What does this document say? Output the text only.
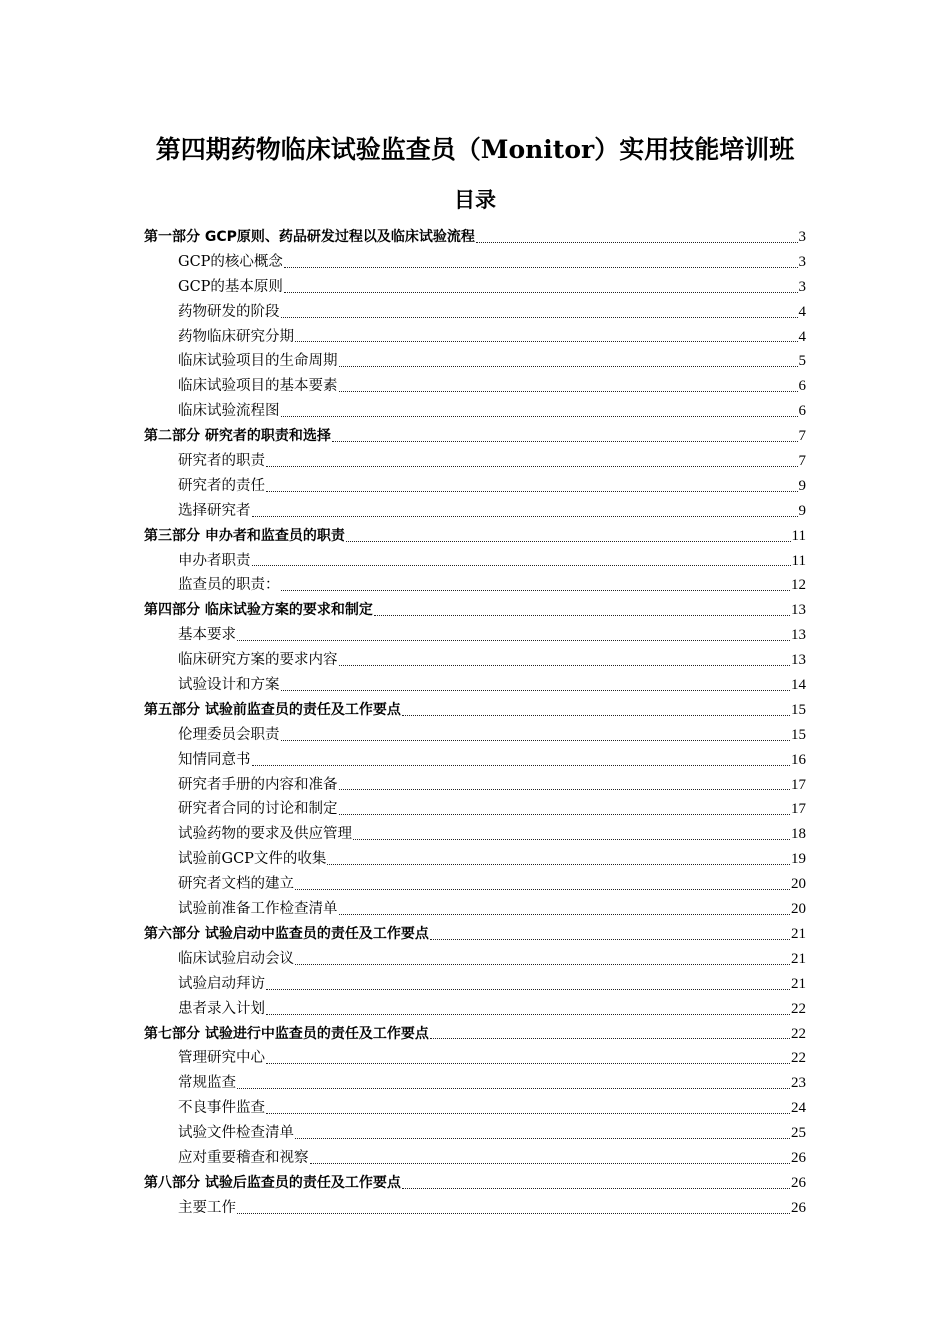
第四期药物临床试验监查员（Monitor）实用技能培训班
目录
第一部分 GCP原则、药品研发过程以及临床试验流程	3
GCP的核心概念	3
GCP的基本原则	3
药物研发的阶段	4
药物临床研究分期	4
临床试验项目的生命周期	5
临床试验项目的基本要素	6
临床试验流程图	6
第二部分 研究者的职责和选择	7
研究者的职责	7
研究者的责任	9
选择研究者	9
第三部分 申办者和监查员的职责	11
申办者职责	11
监查员的职责：	12
第四部分 临床试验方案的要求和制定	13
基本要求	13
临床研究方案的要求内容	13
试验设计和方案	14
第五部分 试验前监查员的责任及工作要点	15
伦理委员会职责	15
知情同意书	16
研究者手册的内容和准备	17
研究者合同的讨论和制定	17
试验药物的要求及供应管理	18
试验前GCP文件的收集	19
研究者文档的建立	20
试验前准备工作检查清单	20
第六部分 试验启动中监查员的责任及工作要点	21
临床试验启动会议	21
试验启动拜访	21
患者录入计划	22
第七部分 试验进行中监查员的责任及工作要点	22
管理研究中心	22
常规监查	23
不良事件监查	24
试验文件检查清单	25
应对重要稽查和视察	26
第八部分 试验后监查员的责任及工作要点	26
主要工作	26
